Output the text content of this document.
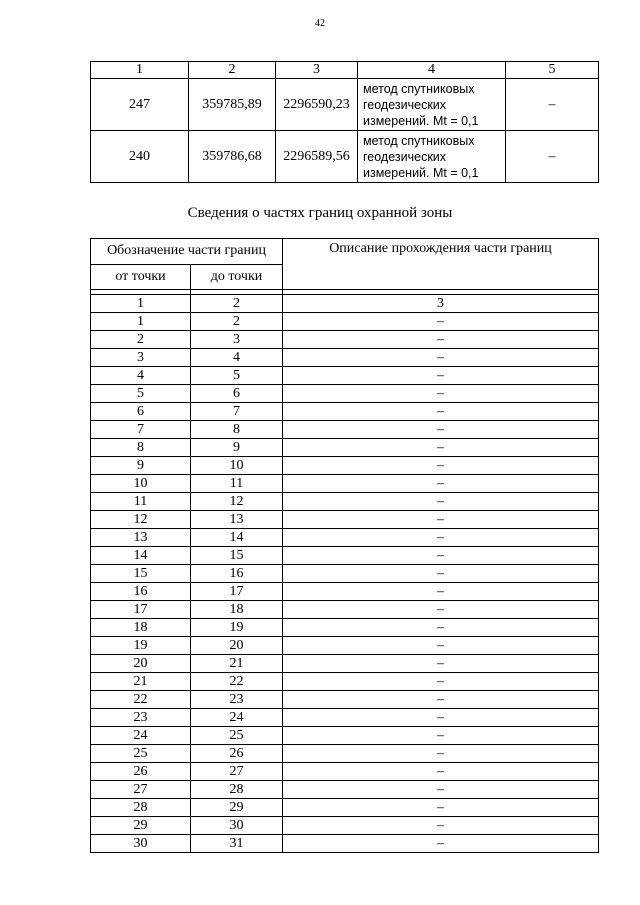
42
1	2	3	4	5
247	359785,89	2296590,23	метод спутниковых
геодезических
измерений. Mt = 0,1	–
240	359786,68	2296589,56	метод спутниковых
геодезических
измерений. Mt = 0,1	–
Сведения о частях границ охранной зоны
Обозначение части границ		Описание прохождения части границ
от точки	до точки	

1	2	3
1	2	–
2	3	–
3	4	–
4	5	–
5	6	–
6	7	–
7	8	–
8	9	–
9	10	–
10	11	–
11	12	–
12	13	–
13	14	–
14	15	–
15	16	–
16	17	–
17	18	–
18	19	–
19	20	–
20	21	–
21	22	–
22	23	–
23	24	–
24	25	–
25	26	–
26	27	–
27	28	–
28	29	–
29	30	–
30	31	–
